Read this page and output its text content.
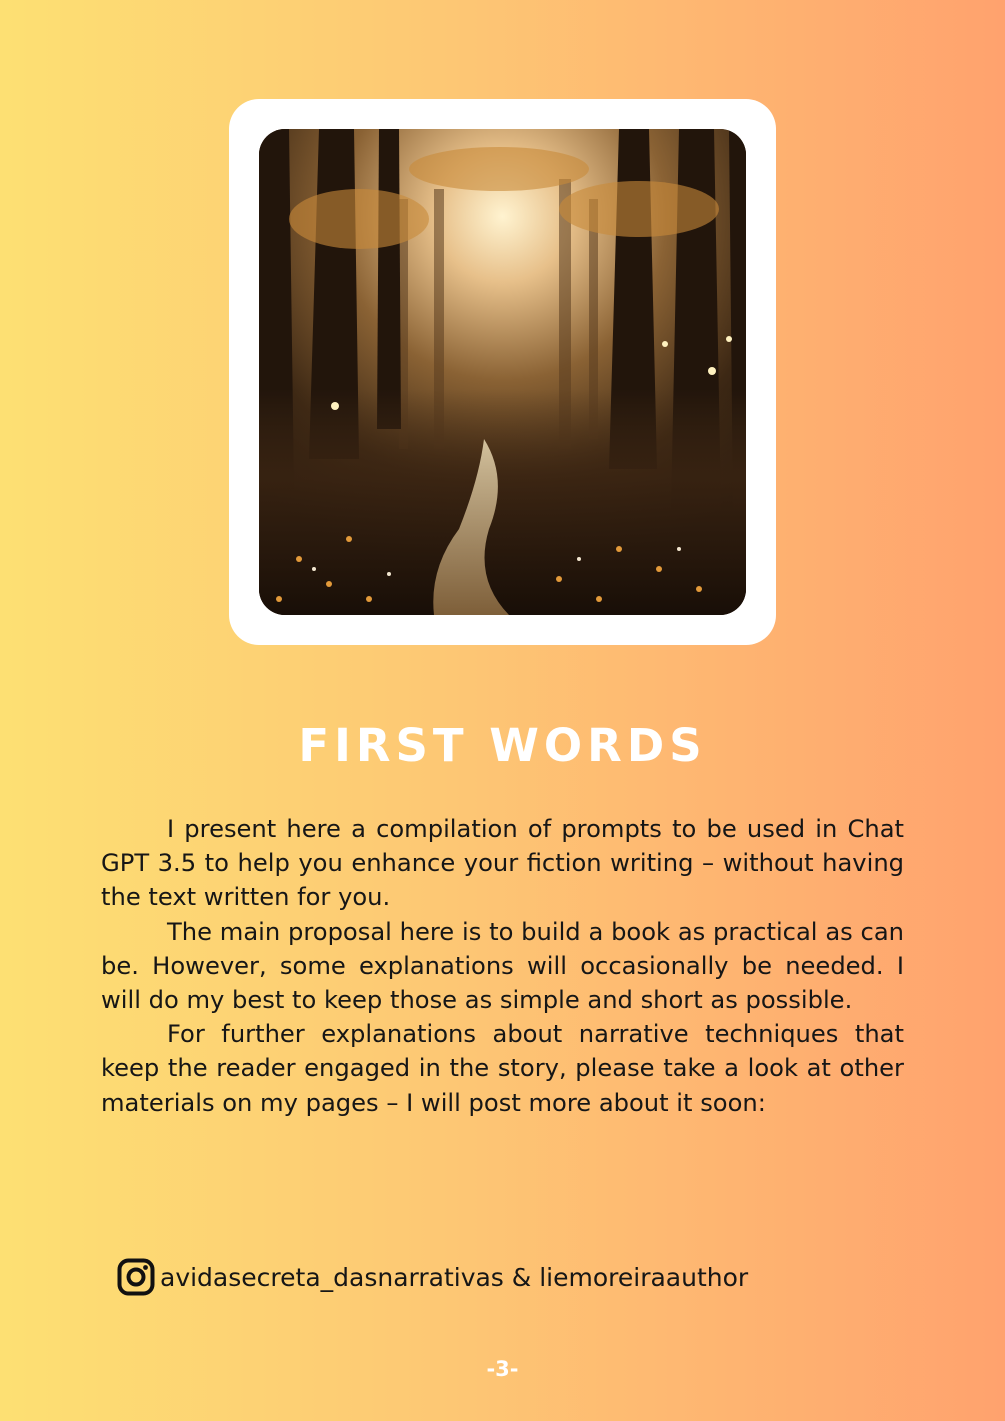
FIRST WORDS

I present here a compilation of prompts to be used in Chat GPT 3.5 to help you enhance your fiction writing – without having the text written for you.

The main proposal here is to build a book as practical as can be. However, some explanations will occasionally be needed. I will do my best to keep those as simple and short as possible.

For further explanations about narrative techniques that keep the reader engaged in the story, please take a look at other materials on my pages – I will post more about it soon:

avidasecreta_dasnarrativas & liemoreiraauthor
-3-
